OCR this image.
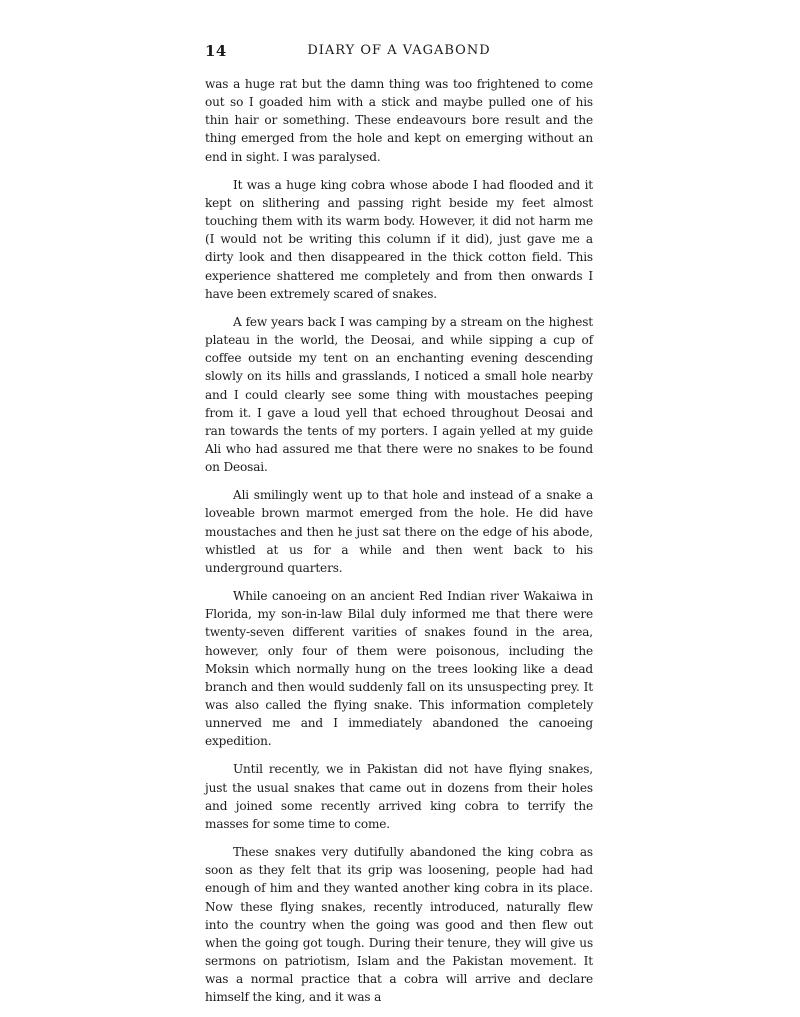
14	DIARY OF A VAGABOND

was a huge rat but the damn thing was too frightened to come out so I goaded him with a stick and maybe pulled one of his thin hair or something. These endeavours bore result and the thing emerged from the hole and kept on emerging without an end in sight. I was paralysed.

It was a huge king cobra whose abode I had flooded and it kept on slithering and passing right beside my feet almost touching them with its warm body. However, it did not harm me (I would not be writing this column if it did), just gave me a dirty look and then disappeared in the thick cotton field. This experience shattered me completely and from then onwards I have been extremely scared of snakes.

A few years back I was camping by a stream on the highest plateau in the world, the Deosai, and while sipping a cup of coffee outside my tent on an enchanting evening descending slowly on its hills and grasslands, I noticed a small hole nearby and I could clearly see some thing with moustaches peeping from it. I gave a loud yell that echoed throughout Deosai and ran towards the tents of my porters. I again yelled at my guide Ali who had assured me that there were no snakes to be found on Deosai.

Ali smilingly went up to that hole and instead of a snake a loveable brown marmot emerged from the hole. He did have moustaches and then he just sat there on the edge of his abode, whistled at us for a while and then went back to his underground quarters.

While canoeing on an ancient Red Indian river Wakaiwa in Florida, my son-in-law Bilal duly informed me that there were twenty-seven different varities of snakes found in the area, however, only four of them were poisonous, including the Moksin which normally hung on the trees looking like a dead branch and then would suddenly fall on its unsuspecting prey. It was also called the flying snake. This information completely unnerved me and I immediately abandoned the canoeing expedition.

Until recently, we in Pakistan did not have flying snakes, just the usual snakes that came out in dozens from their holes and joined some recently arrived king cobra to terrify the masses for some time to come.

These snakes very dutifully abandoned the king cobra as soon as they felt that its grip was loosening, people had had enough of him and they wanted another king cobra in its place. Now these flying snakes, recently introduced, naturally flew into the country when the going was good and then flew out when the going got tough. During their tenure, they will give us sermons on patriotism, Islam and the Pakistan movement. It was a normal practice that a cobra will arrive and declare himself the king, and it was a
